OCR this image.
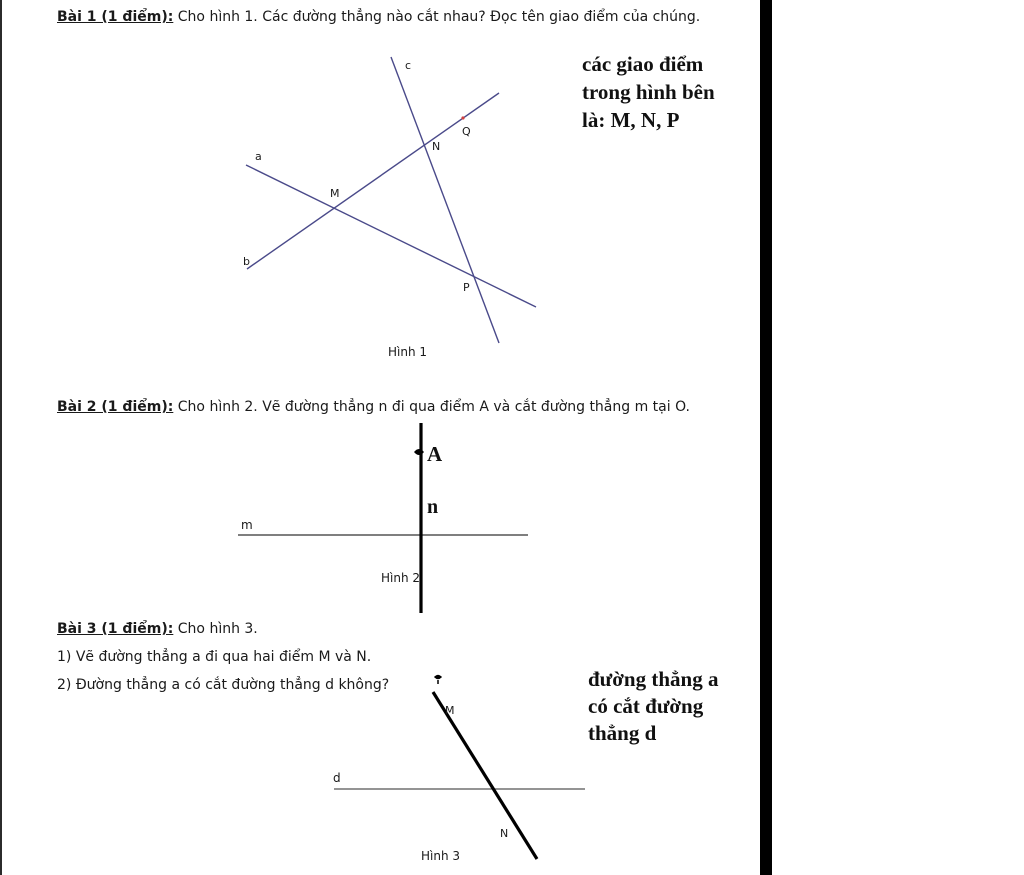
Bài 1 (1 điểm): Cho hình 1. Các đường thẳng nào cắt nhau? Đọc tên giao điểm của chúng.
c
a
b
M
N
P
Q
Hình 1
các giao điểm
trong hình bên
là: M, N, P
Bài 2 (1 điểm): Cho hình 2. Vẽ đường thẳng n đi qua điểm A và cắt đường thẳng m tại O.
A
n
m
Hình 2
Bài 3 (1 điểm): Cho hình 3.
1) Vẽ đường thẳng a đi qua hai điểm M và N.
2) Đường thẳng a có cắt đường thẳng d không?
M
N
d
Hình 3
đường thẳng a
có cắt đường
thẳng d
